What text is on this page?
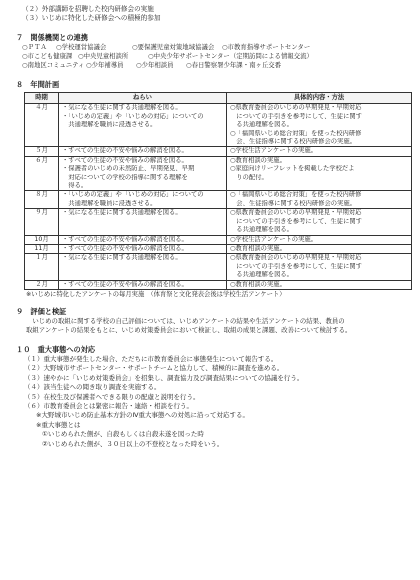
（２）外部講師を招聘した校内研修会の実施
（３）いじめに特化した研修会への積極的参加
７　関係機関との連携
○ＰＴＡ	○学校運営協議会	○要保護児童対策地域協議会	○市教育指導サポートセンター
○市こども健康課 ○中央児童相談所	○中央少年サポートセンター（定期訪問による情報交流）
○南地区コミュニティ ○少年補導員	○少年相談員	○春日警察署少年課・南ヶ丘交番
８　年間計画
時期	ねらい	具体的内容・方法
４月	・気になる生徒に関する共通理解を図る。
・「いじめの定義」や「いじめの対応」についての
　共通理解を職員に浸透させる。	○県教育委員会のいじめの早期発見・早期対応
　についての手引きを参考にして、生徒に関す
　る共通理解を図る。
○「福岡県いじめ総合対策」を使った校内研修
　会、生徒指導に関する校内研修会の実施。

５月	・すべての生徒の不安や悩みの解消を図る。	○学校生活アンケートの実施。

６月	・すべての生徒の不安や悩みの解消を図る。
・保護者のいじめの未然防止、早期発見、早期
　対応についての学校の指導に関する理解を
　得る。	○教育相談の実施。
○家庭向けリーフレットを掲載した学校だよ
　りの配付。

８月	・「いじめの定義」や「いじめの対応」についての
　共通理解を職員に浸透させる。	○「福岡県いじめ総合対策」を使った校内研修
　会、生徒指導に関する校内研修会の実施。

９月	・気になる生徒に関する共通理解を図る。	○県教育委員会のいじめの早期発見・早期対応
　についての手引きを参考にして、生徒に関す
　る共通理解を図る。

10月	・すべての生徒の不安や悩みの解消を図る。	○学校生活アンケートの実施。

11月	・すべての生徒の不安や悩みの解消を図る。	○教育相談の実施。

１月	・気になる生徒に関する共通理解を図る。	○県教育委員会のいじめの早期発見・早期対応
　についての手引きを参考にして、生徒に関す
　る共通理解を図る。

２月	・すべての生徒の不安や悩みの解消を図る。	○教育相談の実施。
※いじめに特化したアンケートの毎月実施　（体育祭と文化発表会後は学校生活アンケート）
９　評価と検証
　いじめの取組に関する学校の自己評価については、いじめアンケートの結果や生活アンケートの結果、教員の
取組アンケートの結果をもとに、いじめ対策委員会において検証し、取組の成果と課題、改善について検討する。
１０　重大事態への対応
（１）重大事態が発生した場合、ただちに市教育委員会に事態発生について報告する。
（２）大野城市サポートセンター・サポートチームと協力して、積極的に調査を進める。
（３）速やかに「いじめ対策委員会」を招集し、調査協力及び調査結果についての協議を行う。
（４）該当生徒への聞き取り調査を実施する。
（５）在校生及び保護者へできる限りの配慮と説明を行う。
（６）市教育委員会とは緊密に報告・連絡・相談を行う。
※大野城市いじめ防止基本方針のⅣ重大事態への対処に沿って対応する。
※重大事態とは
①いじめられた側が、自殺もしくは自殺未遂を図った時
②いじめられた側が、３０日以上の不登校となった時をいう。
